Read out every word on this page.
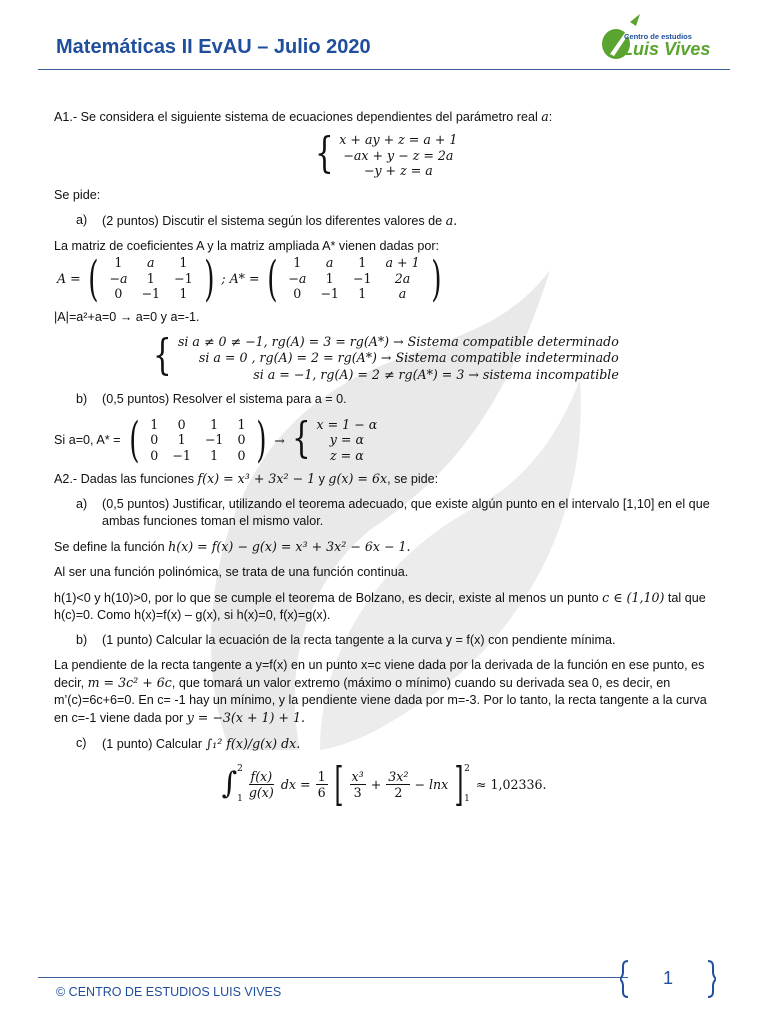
Matemáticas II EvAU – Julio 2020	Centro de estudios
Luis Vives
A1.- Se considera el siguiente sistema de ecuaciones dependientes del parámetro real a:
{ x + ay + z = a + 1
−ax + y − z = 2a
−y + z = a
Se pide:
a)	(2 puntos) Discutir el sistema según los diferentes valores de a.
La matriz de coeficientes A y la matriz ampliada A* vienen dadas por:
A = ( 1	a	1
−a	1	−1
0	−1	1 ) ; A* = ( 1	a	1	a + 1
−a	1	−1	2a
0	−1	1	a )
|A|=a²+a=0 → a=0 y a=-1.
{ si a ≠ 0 ≠ −1, rg(A) = 3 = rg(A*) → Sistema compatible determinado
si a = 0 , rg(A) = 2 = rg(A*) → Sistema compatible indeterminado
si a = −1, rg(A) = 2 ≠ rg(A*) = 3 → sistema incompatible
b)	(0,5 puntos) Resolver el sistema para a = 0.
Si a=0, A* = ( 1	0	1	1
0	1	−1	0
0	−1	1	0 ) → { x = 1 − α
y = α
z = α
A2.- Dadas las funciones f(x) = x³ + 3x² − 1 y g(x) = 6x, se pide:
a)	(0,5 puntos) Justificar, utilizando el teorema adecuado, que existe algún punto en el intervalo [1,10] en el que ambas funciones toman el mismo valor.
Se define la función h(x) = f(x) − g(x) = x³ + 3x² − 6x − 1.
Al ser una función polinómica, se trata de una función continua.
h(1)<0 y h(10)>0, por lo que se cumple el teorema de Bolzano, es decir, existe al menos un punto c ∈ (1,10) tal que h(c)=0. Como h(x)=f(x) – g(x), si h(x)=0, f(x)=g(x).
b)	(1 punto) Calcular la ecuación de la recta tangente a la curva y = f(x) con pendiente mínima.
La pendiente de la recta tangente a y=f(x) en un punto x=c viene dada por la derivada de la función en ese punto, es decir, m = 3c² + 6c, que tomará un valor extremo (máximo o mínimo) cuando su derivada sea 0, es decir, en m’(c)=6c+6=0. En c= -1 hay un mínimo, y la pendiente viene dada por m=-3. Por lo tanto, la recta tangente a la curva en c=-1 viene dada por y = −3(x + 1) + 1.
c)	(1 punto) Calcular ∫₁² f(x)/g(x) dx.
∫ 2
$1 \frac{f(x)}{g(x)}$ dx = $\frac{1}{6}$ [ $\frac{\text{x³}}{3} + \frac{\text{3x²}}{2} - \ln x$ ] 2
1
≈ 1,02336.
© CENTRO DE ESTUDIOS LUIS VIVES
1
